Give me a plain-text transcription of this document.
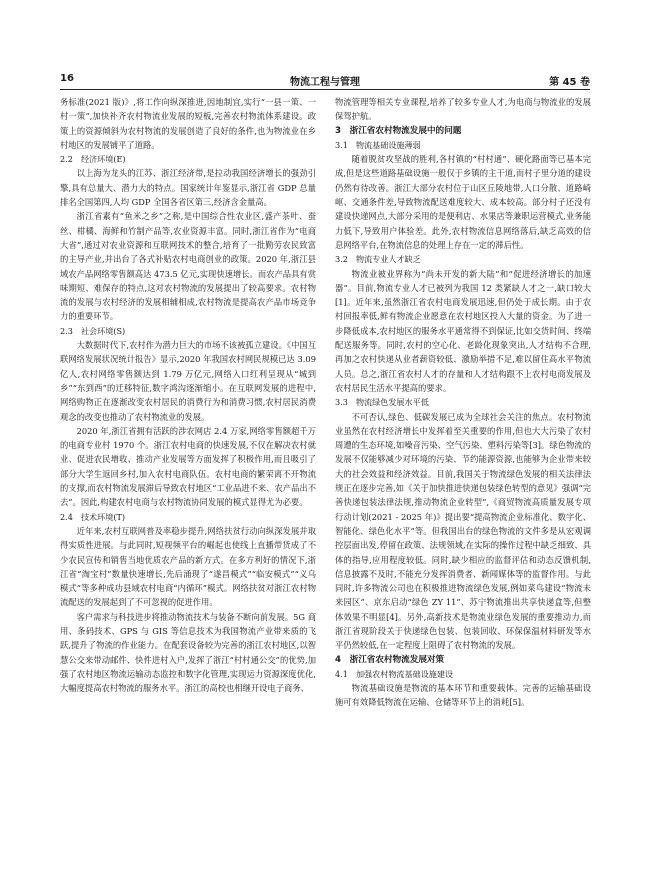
16	物流工程与管理	第 45 卷

务标准(2021 版)》,将工作向纵深推进,因地制宜,实行“一县一策、一村一策”,加快补齐农村物流业发展的短板,完善农村物流体系建设。政策上的资源倾斜为农村物流的发展创造了良好的条件,也为物流业在乡村地区的发展铺平了道路。

2.2　经济环境(E)

以上海为龙头的江苏、浙江经济带,是拉动我国经济增长的强劲引擎,具有总量大、潜力大的特点。国家统计年鉴显示,浙江省 GDP 总量排名全国第四,人均 GDP 全国各省区第三,经济含金量高。

浙江省素有“鱼米之乡”之称,是中国综合性农业区,盛产茶叶、蚕丝、柑橘、海鲜和竹制产品等,农业资源丰富。同时,浙江省作为“电商大省”,通过对农业资源和互联网技术的整合,培育了一批勤劳农民致富的主导产业,并出台了各式补贴农村电商创业的政策。2020 年,浙江县域农产品网络零售额高达 473.5 亿元,实现快速增长。而农产品具有赏味期短、难保存的特点,这对农村物流的发展提出了较高要求。农村物流的发展与农村经济的发展相辅相成,农村物流是提高农产品市场竞争力的重要环节。

2.3　社会环境(S)

大数据时代下,农村作为潜力巨大的市场不该被孤立建设。《中国互联网络发展状况统计报告》显示,2020 年我国农村网民规模已达 3.09 亿人,农村网络零售额达到 1.79 万亿元,网络入口红利呈现从“城到乡”“东到西”的迁移特征,数字鸿沟逐渐缩小。在互联网发展的进程中,网络购物正在逐渐改变农村居民的消费行为和消费习惯,农村居民消费观念的改变也推动了农村物流业的发展。

2020 年,浙江省拥有活跃的涉农网店 2.4 万家,网络零售额超千万的电商专业村 1970 个。浙江农村电商的快速发展,不仅在解决农村就业、促进农民增收、推动产业发展等方面发挥了积极作用,而且吸引了部分大学生返回乡村,加入农村电商队伍。农村电商的繁荣离不开物流的支撑,而农村物流发展滞后导致农村地区“工业品进不来、农产品出不去”。因此,构建农村电商与农村物流协同发展的模式显得尤为必要。

2.4　技术环境(T)

近年来,农村互联网普及率稳步提升,网络扶贫行动向纵深发展并取得实质性进展。与此同时,短视频平台的崛起也使线上直播带货成了不少农民宣传和销售当地优质农产品的新方式。在多方利好的情况下,浙江省“淘宝村”数量快速增长,先后涌现了“遂昌模式”“临安模式”“义乌模式”等多种成功县域农村电商“内循环”模式。网络扶贫对浙江农村物流配送的发展起到了不可忽视的促进作用。

客户需求与科技进步将推动物流技术与装备不断向前发展。5G 商用、条码技术、GPS 与 GIS 等信息技术为我国物流产业带来质的飞跃,提升了物流的作业能力。在配套设备较为完善的浙江农村地区,以智慧公交来带动邮件、快件进村入户,发挥了浙江“村村通公交”的优势,加强了农村地区物流运输动态监控和数字化管理,实现运力资源深度优化,大幅度提高农村物流的服务水平。浙江的高校也相继开设电子商务、

物流管理等相关专业课程,培养了较多专业人才,为电商与物流业的发展保驾护航。

3　 浙江省农村物流发展中的问题
3.1　物流基础设施薄弱

随着脱贫攻坚战的胜利,各村镇的“村村通”、硬化路面等已基本完成,但是这些道路基础设施一般仅于乡镇的主干道,而村子里分道的建设仍然有待改善。浙江大部分农村位于山区丘陵地带,人口分散、道路崎岖、交通条件差,导致物流配送难度较大、成本较高。部分村子还没有建设快递网点,大部分采用的是便利店、水果店等兼职运营模式,业务能力低下,导致用户体验差。此外,农村物流信息网络落后,缺乏高效的信息网络平台,在物流信息的处理上存在一定的滞后性。

3.2　物流专业人才缺乏

物流业被业界称为“尚未开发的新大陆”和“促进经济增长的加速器”。目前,物流专业人才已被列为我国 12 类紧缺人才之一,缺口较大[1]。近年来,虽然浙江省农村电商发展迅速,但仍处于成长期。由于农村回报率低,鲜有物流企业愿意在农村地区投入大量的资金。为了进一步降低成本,农村地区的服务水平通常得不到保证,比如交货时间、终端配送服务等。同时,农村的空心化、老龄化现象突出,人才结构不合理,再加之农村快递从业者薪资较低、激励举措不足,难以留住高水平物流人员。总之,浙江省农村人才的存量和人才结构跟不上农村电商发展及农村居民生活水平提高的要求。

3.3　物流绿色发展水平低

不可否认,绿色、低碳发展已成为全球社会关注的焦点。农村物流业虽然在农村经济增长中发挥着至关重要的作用,但也大大污染了农村周遭的生态环境,如噪音污染、空气污染、塑料污染等[3]。绿色物流的发展不仅能够减少对环境的污染、节约能源资源,也能够为企业带来较大的社会效益和经济效益。目前,我国关于物流绿色发展的相关法律法规正在逐步完善,如《关于加快推进快递包装绿色转型的意见》强调“完善快递包装法律法规,推动物流企业转型”,《商贸物流高质量发展专项行动计划(2021 - 2025 年)》提出要“提高物流企业标准化、数字化、智能化、绿色化水平”等。但我国出台的绿色物流的文件多是从宏观调控层面出发,停留在政策、法规领域,在实际的操作过程中缺乏细致、具体的指导,应用程度较低。同时,缺少相应的监督评估和动态反馈机制,信息披露不及时,不能充分发挥消费者、新闻媒体等的监督作用。与此同时,许多物流公司也在积极推进物流绿色发展,例如菜鸟建设“物流未来园区”、京东启动“绿色 ZY 11”、苏宁物流推出共享快递盒等,但整体效果不明显[4]。另外,高新技术是物流业绿色发展的重要推动力,而浙江省现阶段关于快递绿色包装、包装回收、环保保温材料研发等水平仍然较低,在一定程度上阻碍了农村物流的发展。

4　 浙江省农村物流发展对策
4.1　加强农村物流基础设施建设

物流基础设施是物流的基本环节和重要载体。完善的运输基础设施可有效降低物流在运输、仓储等环节上的消耗[5]。
